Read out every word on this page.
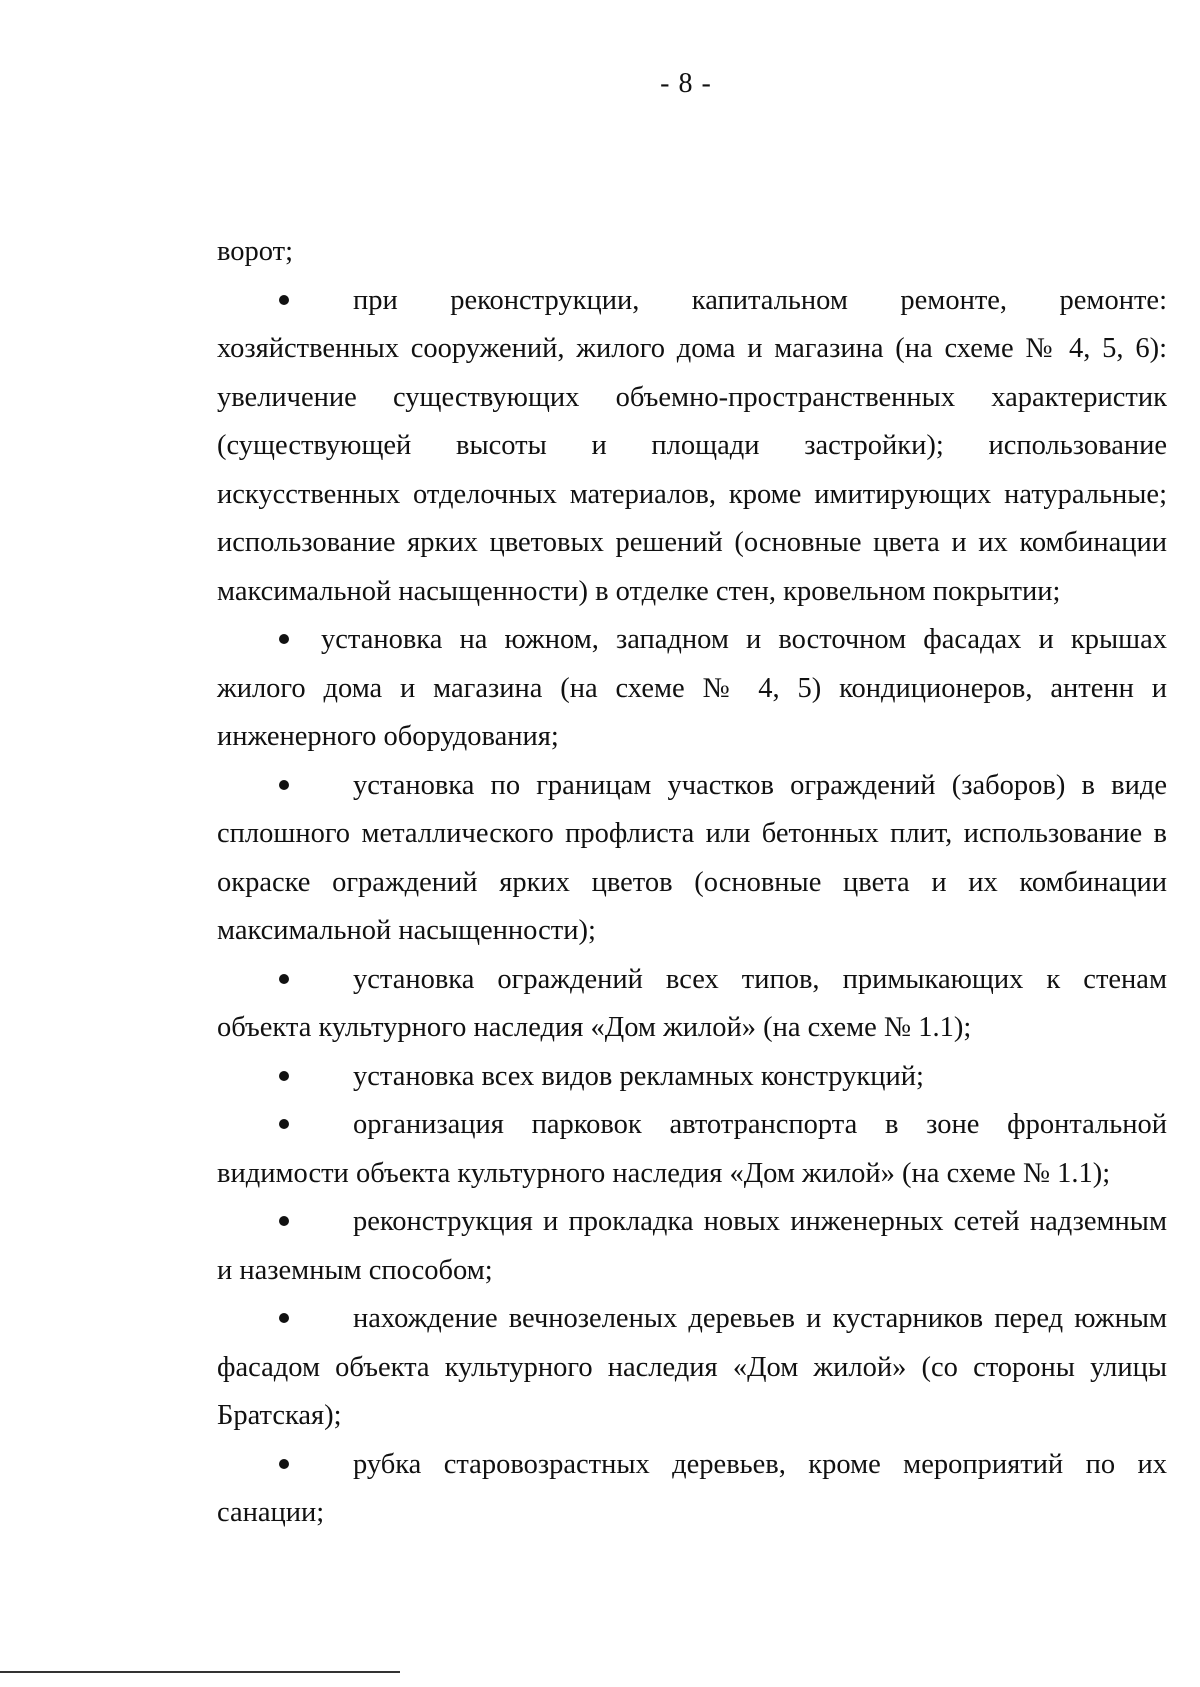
- 8 -

ворот;

при реконструкции, капитальном ремонте, ремонте: хозяйственных сооружений, жилого дома и магазина (на схеме № 4, 5, 6): увеличение существующих объемно-пространственных характеристик (существующей высоты и площади застройки); использование искусственных отделочных материалов, кроме имитирующих натуральные; использование ярких цветовых решений (основные цвета и их комбинации максимальной насыщенности) в отделке стен, кровельном покрытии;

установка на южном, западном и восточном фасадах и крышах жилого дома и магазина (на схеме № 4, 5) кондиционеров, антенн и инженерного оборудования;

установка по границам участков ограждений (заборов) в виде сплошного металлического профлиста или бетонных плит, использование в окраске ограждений ярких цветов (основные цвета и их комбинации максимальной насыщенности);

установка ограждений всех типов, примыкающих к стенам объекта культурного наследия «Дом жилой» (на схеме № 1.1);

установка всех видов рекламных конструкций;

организация парковок автотранспорта в зоне фронтальной видимости объекта культурного наследия «Дом жилой» (на схеме № 1.1);

реконструкция и прокладка новых инженерных сетей надземным и наземным способом;

нахождение вечнозеленых деревьев и кустарников перед южным фасадом объекта культурного наследия «Дом жилой» (со стороны улицы Братская);

рубка старовозрастных деревьев, кроме мероприятий по их санации;
